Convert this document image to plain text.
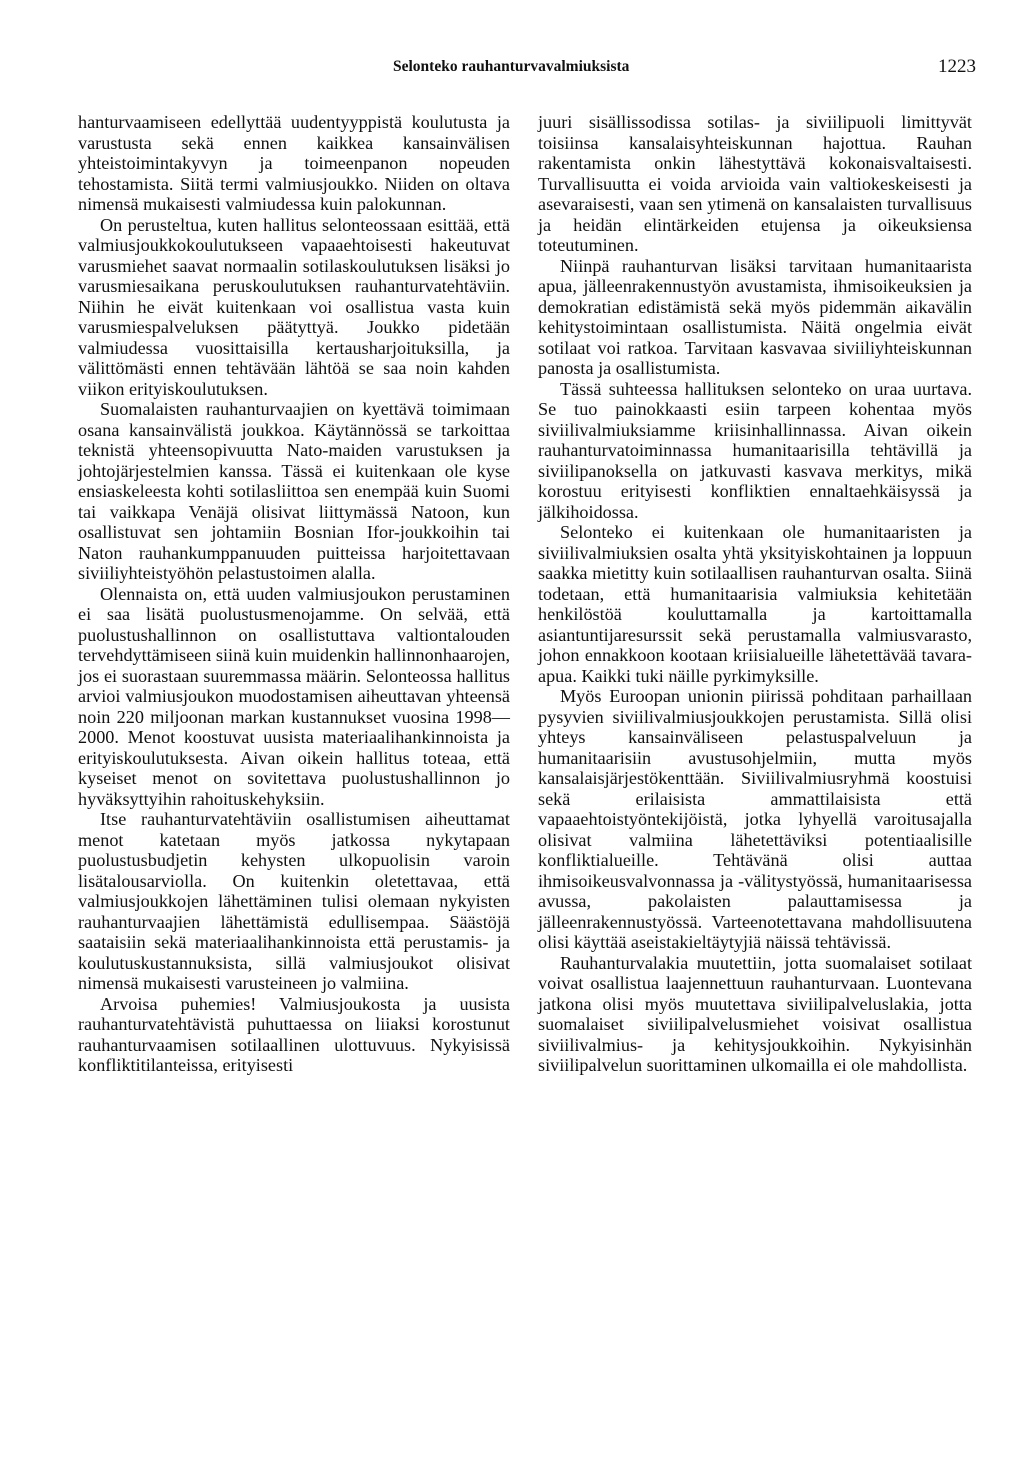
Selonteko rauhanturvavalmiuksista	1223

hanturvaamiseen edellyttää uudentyyppistä koulutusta ja varustusta sekä ennen kaikkea kansainvälisen yhteistoimintakyvyn ja toimeenpanon nopeuden tehostamista. Siitä termi valmiusjoukko. Niiden on oltava nimensä mukaisesti valmiudessa kuin palokunnan.

On perusteltua, kuten hallitus selonteossaan esittää, että valmiusjoukkokoulutukseen vapaaehtoisesti hakeutuvat varusmiehet saavat normaalin sotilaskoulutuksen lisäksi jo varusmiesaikana peruskoulutuksen rauhanturvatehtäviin. Niihin he eivät kuitenkaan voi osallistua vasta kuin varusmiespalveluksen päätyttyä. Joukko pidetään valmiudessa vuosittaisilla kertausharjoituksilla, ja välittömästi ennen tehtävään lähtöä se saa noin kahden viikon erityiskoulutuksen.

Suomalaisten rauhanturvaajien on kyettävä toimimaan osana kansainvälistä joukkoa. Käytännössä se tarkoittaa teknistä yhteensopivuutta Nato-maiden varustuksen ja johtojärjestelmien kanssa. Tässä ei kuitenkaan ole kyse ensiaskeleesta kohti sotilasliittoa sen enempää kuin Suomi tai vaikkapa Venäjä olisivat liittymässä Natoon, kun osallistuvat sen johtamiin Bosnian Ifor-joukkoihin tai Naton rauhankumppanuuden puitteissa harjoitettavaan siviiliyhteistyöhön pelastustoimen alalla.

Olennaista on, että uuden valmiusjoukon perustaminen ei saa lisätä puolustusmenojamme. On selvää, että puolustushallinnon on osallistuttava valtiontalouden tervehdyttämiseen siinä kuin muidenkin hallinnonhaarojen, jos ei suorastaan suuremmassa määrin. Selonteossa hallitus arvioi valmiusjoukon muodostamisen aiheuttavan yhteensä noin 220 miljoonan markan kustannukset vuosina 1998—2000. Menot koostuvat uusista materiaalihankinnoista ja erityiskoulutuksesta. Aivan oikein hallitus toteaa, että kyseiset menot on sovitettava puolustushallinnon jo hyväksyttyihin rahoituskehyksiin.

Itse rauhanturvatehtäviin osallistumisen aiheuttamat menot katetaan myös jatkossa nykytapaan puolustusbudjetin kehysten ulkopuolisin varoin lisätalousarviolla. On kuitenkin oletettavaa, että valmiusjoukkojen lähettäminen tulisi olemaan nykyisten rauhanturvaajien lähettämistä edullisempaa. Säästöjä saataisiin sekä materiaalihankinnoista että perustamis- ja koulutuskustannuksista, sillä valmiusjoukot olisivat nimensä mukaisesti varusteineen jo valmiina.

Arvoisa puhemies! Valmiusjoukosta ja uusista rauhanturvatehtävistä puhuttaessa on liiaksi korostunut rauhanturvaamisen sotilaallinen ulottuvuus. Nykyisissä konfliktitilanteissa, erityisesti

juuri sisällissodissa sotilas- ja siviilipuoli limittyvät toisiinsa kansalaisyhteiskunnan hajottua. Rauhan rakentamista onkin lähestyttävä kokonaisvaltaisesti. Turvallisuutta ei voida arvioida vain valtiokeskeisesti ja asevaraisesti, vaan sen ytimenä on kansalaisten turvallisuus ja heidän elintärkeiden etujensa ja oikeuksiensa toteutuminen.

Niinpä rauhanturvan lisäksi tarvitaan humanitaarista apua, jälleenrakennustyön avustamista, ihmisoikeuksien ja demokratian edistämistä sekä myös pidemmän aikavälin kehitystoimintaan osallistumista. Näitä ongelmia eivät sotilaat voi ratkoa. Tarvitaan kasvavaa siviiliyhteiskunnan panosta ja osallistumista.

Tässä suhteessa hallituksen selonteko on uraa uurtava. Se tuo painokkaasti esiin tarpeen kohentaa myös siviilivalmiuksiamme kriisinhallinnassa. Aivan oikein rauhanturvatoiminnassa humanitaarisilla tehtävillä ja siviilipanoksella on jatkuvasti kasvava merkitys, mikä korostuu erityisesti konfliktien ennaltaehkäisyssä ja jälkihoidossa.

Selonteko ei kuitenkaan ole humanitaaristen ja siviilivalmiuksien osalta yhtä yksityiskohtainen ja loppuun saakka mietitty kuin sotilaallisen rauhanturvan osalta. Siinä todetaan, että humanitaarisia valmiuksia kehitetään henkilöstöä kouluttamalla ja kartoittamalla asiantuntijaresurssit sekä perustamalla valmiusvarasto, johon ennakkoon kootaan kriisialueille lähetettävää tavara-apua. Kaikki tuki näille pyrkimyksille.

Myös Euroopan unionin piirissä pohditaan parhaillaan pysyvien siviilivalmiusjoukkojen perustamista. Sillä olisi yhteys kansainväliseen pelastuspalveluun ja humanitaarisiin avustusohjelmiin, mutta myös kansalaisjärjestökenttään. Siviilivalmiusryhmä koostuisi sekä erilaisista ammattilaisista että vapaaehtoistyöntekijöistä, jotka lyhyellä varoitusajalla olisivat valmiina lähetettäviksi potentiaalisille konfliktialueille. Tehtävänä olisi auttaa ihmisoikeusvalvonnassa ja -välitystyössä, humanitaarisessa avussa, pakolaisten palauttamisessa ja jälleenrakennustyössä. Varteenotettavana mahdollisuutena olisi käyttää aseistakieltäytyjiä näissä tehtävissä.

Rauhanturvalakia muutettiin, jotta suomalaiset sotilaat voivat osallistua laajennettuun rauhanturvaan. Luontevana jatkona olisi myös muutettava siviilipalveluslakia, jotta suomalaiset siviilipalvelusmiehet voisivat osallistua siviilivalmius- ja kehitysjoukkoihin. Nykyisinhän siviilipalvelun suorittaminen ulkomailla ei ole mahdollista.
